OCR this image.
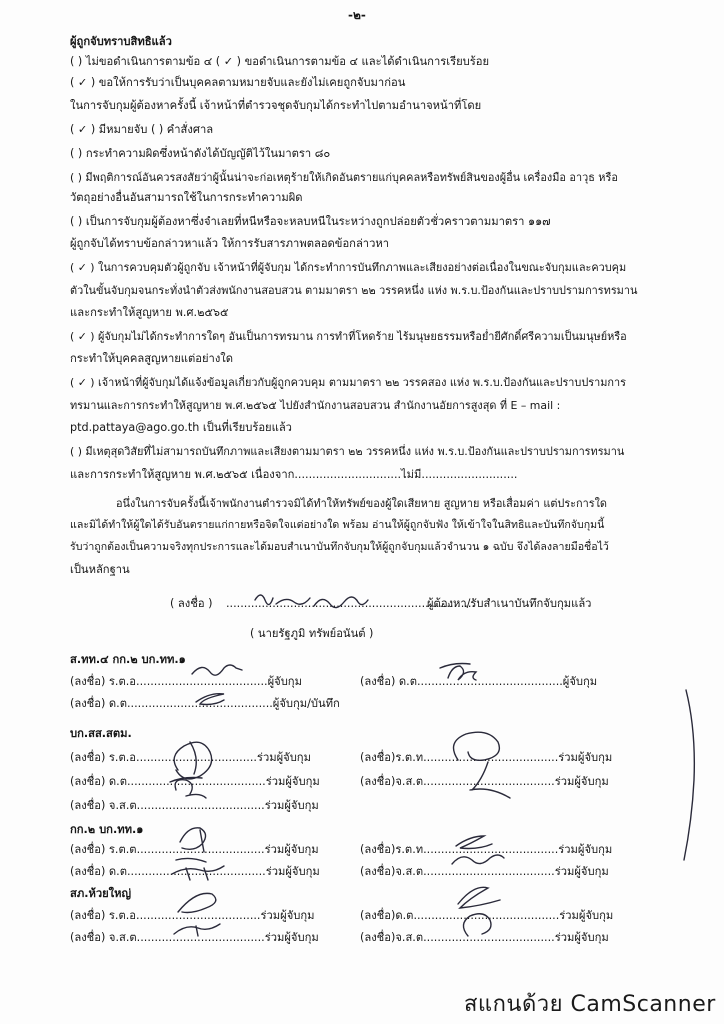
-๒-
ผู้ถูกจับทราบสิทธิแล้ว
( ) ไม่ขอดำเนินการตามข้อ ๔ ( ✓ ) ขอดำเนินการตามข้อ ๔ และได้ดำเนินการเรียบร้อย
( ✓ ) ขอให้การรับว่าเป็นบุคคลตามหมายจับและยังไม่เคยถูกจับมาก่อน
ในการจับกุมผู้ต้องหาครั้งนี้ เจ้าหน้าที่ตำรวจชุดจับกุมได้กระทำไปตามอำนาจหน้าที่โดย
( ✓ ) มีหมายจับ ( ) คำสั่งศาล
( ) กระทำความผิดซึ่งหน้าดังได้บัญญัติไว้ในมาตรา ๘๐
( ) มีพฤติการณ์อันควรสงสัยว่าผู้นั้นน่าจะก่อเหตุร้ายให้เกิดอันตรายแก่บุคคลหรือทรัพย์สินของผู้อื่น เครื่องมือ อาวุธ หรือ
วัตถุอย่างอื่นอันสามารถใช้ในการกระทำความผิด
( ) เป็นการจับกุมผู้ต้องหาซึ่งจำเลยที่หนีหรือจะหลบหนีในระหว่างถูกปล่อยตัวชั่วคราวตามมาตรา ๑๑๗
ผู้ถูกจับได้ทราบข้อกล่าวหาแล้ว ให้การรับสารภาพตลอดข้อกล่าวหา
( ✓ ) ในการควบคุมตัวผู้ถูกจับ เจ้าหน้าที่ผู้จับกุม ได้กระทำการบันทึกภาพและเสียงอย่างต่อเนื่องในขณะจับกุมและควบคุม
ตัวในขั้นจับกุมจนกระทั่งนำตัวส่งพนักงานสอบสวน ตามมาตรา ๒๒ วรรคหนึ่ง แห่ง พ.ร.บ.ป้องกันและปราบปรามการทรมาน
และกระทำให้สูญหาย พ.ศ.๒๕๖๕
( ✓ ) ผู้จับกุมไม่ได้กระทำการใดๆ อันเป็นการทรมาน การทำที่โหดร้าย ไร้มนุษยธรรมหรือย่ำยีศักดิ์ศรีความเป็นมนุษย์หรือ
กระทำให้บุคคลสูญหายแต่อย่างใด
( ✓ ) เจ้าหน้าที่ผู้จับกุมได้แจ้งข้อมูลเกี่ยวกับผู้ถูกควบคุม ตามมาตรา ๒๒ วรรคสอง แห่ง พ.ร.บ.ป้องกันและปราบปรามการ
ทรมานและการกระทำให้สูญหาย พ.ศ.๒๕๖๕ ไปยังสำนักงานสอบสวน สำนักงานอัยการสูงสุด ที่ E – mail :
ptd.pattaya@ago.go.th เป็นที่เรียบร้อยแล้ว
( ) มีเหตุสุดวิสัยที่ไม่สามารถบันทึกภาพและเสียงตามมาตรา ๒๒ วรรคหนึ่ง แห่ง พ.ร.บ.ป้องกันและปราบปรามการทรมาน
และการกระทำให้สูญหาย พ.ศ.๒๕๖๕ เนื่องจาก..............................ไม่มี...........................
อนึ่งในการจับครั้งนี้เจ้าพนักงานตำรวจมิได้ทำให้ทรัพย์ของผู้ใดเสียหาย สูญหาย หรือเสื่อมค่า แต่ประการใด
และมิได้ทำให้ผู้ใดได้รับอันตรายแก่กายหรือจิตใจแต่อย่างใด พร้อม อ่านให้ผู้ถูกจับฟัง ให้เข้าใจในสิทธิและบันทึกจับกุมนี้
รับว่าถูกต้องเป็นความจริงทุกประการและได้มอบสำเนาบันทึกจับกุมให้ผู้ถูกจับกุมแล้วจำนวน ๑ ฉบับ จึงได้ลงลายมือชื่อไว้
เป็นหลักฐาน
( ลงชื่อ ) ......................................................................
ผู้ต้องหา/รับสำเนาบันทึกจับกุมแล้ว
( นายรัฐภูมิ ทรัพย์อนันต์ )
ส.ทท.๔ กก.๒ บก.ทท.๑
(ลงชื่อ) ร.ต.อ.....................................ผู้จับกุม
(ลงชื่อ) ด.ต.........................................ผู้จับกุม/บันทึก
(ลงชื่อ) ด.ต.........................................ผู้จับกุม
บก.สส.สตม.
(ลงชื่อ) ร.ต.อ..................................ร่วมผู้จับกุม
(ลงชื่อ) ด.ต.......................................ร่วมผู้จับกุม
(ลงชื่อ) จ.ส.ต....................................ร่วมผู้จับกุม
(ลงชื่อ)ร.ต.ท......................................ร่วมผู้จับกุม
(ลงชื่อ)จ.ส.ต.....................................ร่วมผู้จับกุม
กก.๒ บก.ทท.๑
(ลงชื่อ) ร.ต.ต....................................ร่วมผู้จับกุม
(ลงชื่อ) ด.ต.......................................ร่วมผู้จับกุม
(ลงชื่อ)ร.ต.ท......................................ร่วมผู้จับกุม
(ลงชื่อ)จ.ส.ต.....................................ร่วมผู้จับกุม
สภ.ห้วยใหญ่
(ลงชื่อ) ร.ต.อ...................................ร่วมผู้จับกุม
(ลงชื่อ) จ.ส.ต....................................ร่วมผู้จับกุม
(ลงชื่อ)ด.ต.........................................ร่วมผู้จับกุม
(ลงชื่อ)จ.ส.ต.....................................ร่วมผู้จับกุม
สแกนด้วย CamScanner
